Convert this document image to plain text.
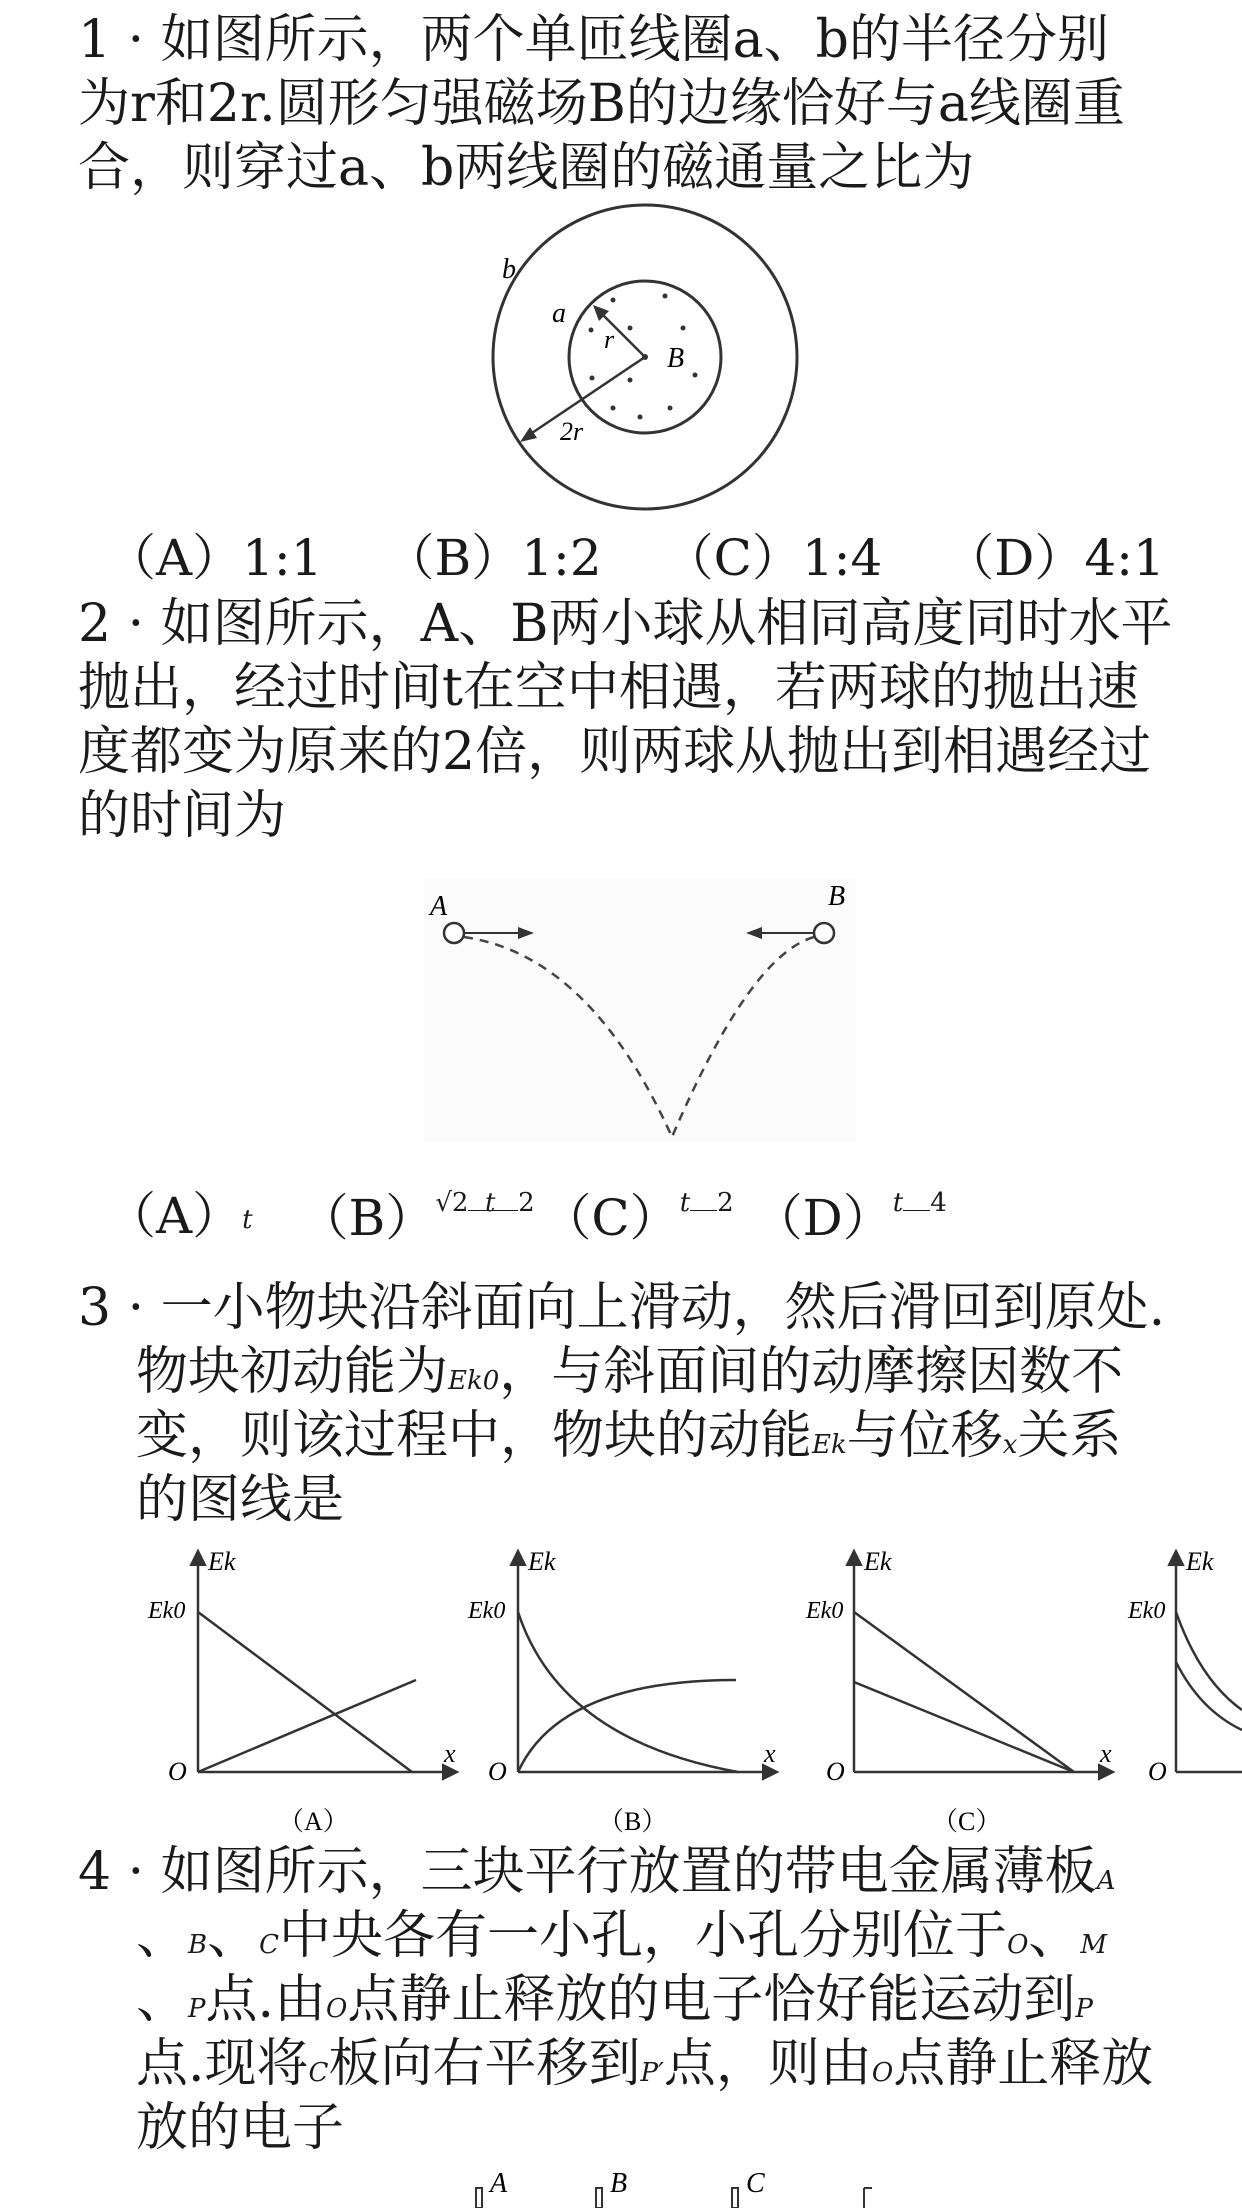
1 · 如图所示，两个单匝线圈a、b的半径分别

为r和2r.圆形匀强磁场B的边缘恰好与a线圈重

合，则穿过a、b两线圈的磁通量之比为

b
a
r
B
2r
（A）1:1 （B）1:2 （C）1:4 （D）4:1

2 · 如图所示，A、B两小球从相同高度同时水平

抛出，经过时间t在空中相遇，若两球的抛出速

度都变为原来的2倍，则两球从抛出到相遇经过

的时间为

A	B
（A）t （B） √2 2
t （C） t 2 （D） t 4

3 · 一小物块沿斜面向上滑动，然后滑回到原处.

物块初动能为Ek0，与斜面间的动摩擦因数不

变，则该过程中，物块的动能Ek与位移x关系

的图线是

Ek
Ek0
O
x
（A）
Ek
Ek0
O
x
（B）
Ek
Ek0
O
x
（C）
Ek
Ek0
O

4 · 如图所示，三块平行放置的带电金属薄板A

、B、C中央各有一小孔，小孔分别位于O、M

、P点.由O点静止释放的电子恰好能运动到P

点.现将C板向右平移到P′点，则由O点静止释放

放的电子

A	B	C
